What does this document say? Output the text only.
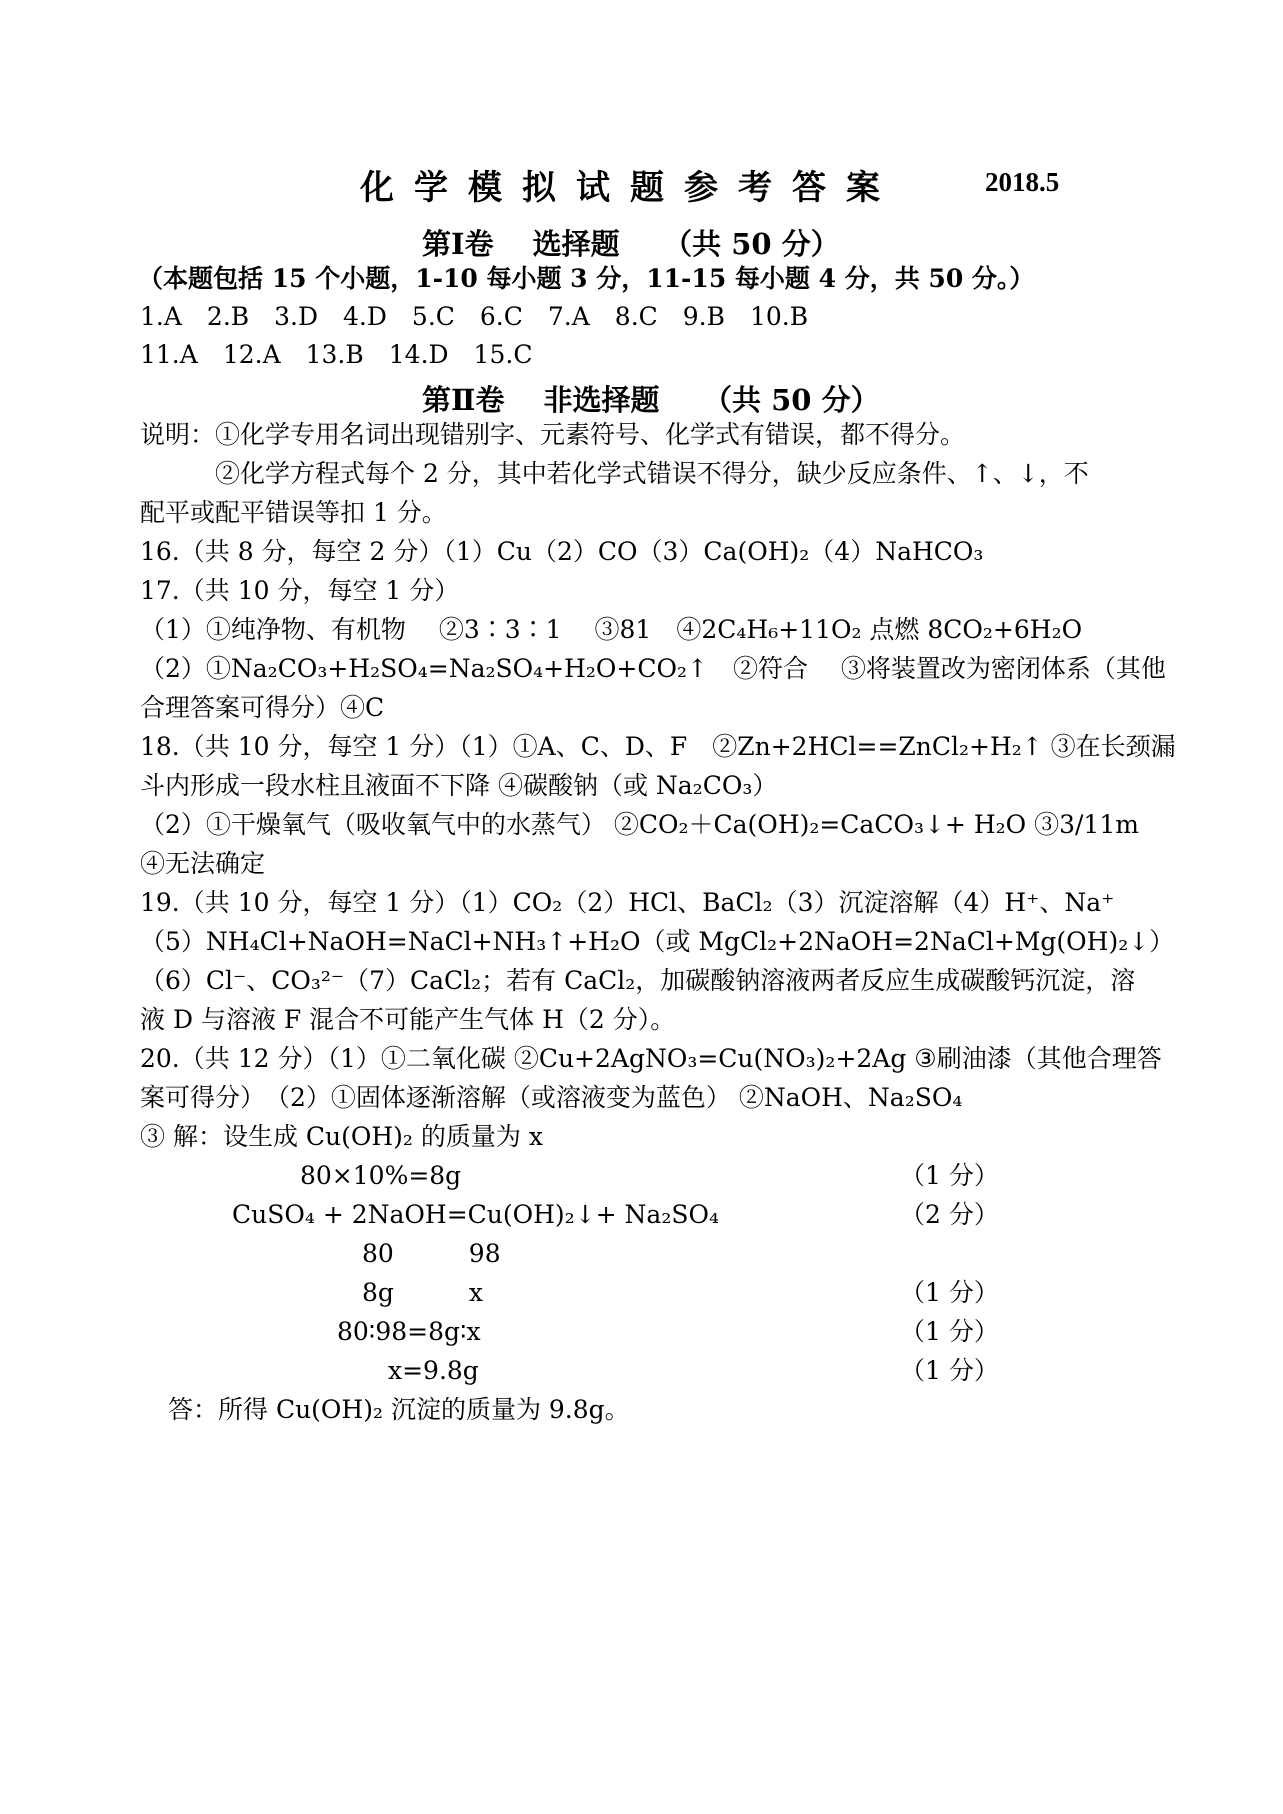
化学模拟试题参考答案	2018.5
第Ⅰ卷　 选择题　　（共 50 分）
（本题包括 15 个小题，1-10 每小题 3 分，11-15 每小题 4 分，共 50 分。）
1.A　2.B　3.D　4.D　5.C　6.C　7.A　8.C　9.B　10.B
11.A　12.A　13.B　14.D　15.C
第Ⅱ卷　 非选择题　　（共 50 分）
说明：①化学专用名词出现错别字、元素符号、化学式有错误，都不得分。
　　　②化学方程式每个 2 分，其中若化学式错误不得分，缺少反应条件、↑、↓，不
配平或配平错误等扣 1 分。
16.（共 8 分，每空 2 分）（1）Cu（2）CO（3）Ca(OH)₂（4）NaHCO₃
17.（共 10 分，每空 1 分）
（1）①纯净物、有机物　 ②3∶3∶1　 ③81　④2C₄H₆+11O₂ 点燃 8CO₂+6H₂O
（2）①Na₂CO₃+H₂SO₄=Na₂SO₄+H₂O+CO₂↑　②符合　 ③将装置改为密闭体系（其他
合理答案可得分）④C
18.（共 10 分，每空 1 分）（1）①A、C、D、F　②Zn+2HCl==ZnCl₂+H₂↑ ③在长颈漏
斗内形成一段水柱且液面不下降 ④碳酸钠（或 Na₂CO₃）
（2）①干燥氧气（吸收氧气中的水蒸气） ②CO₂＋Ca(OH)₂=CaCO₃↓+ H₂O ③3/11m
④无法确定
19.（共 10 分，每空 1 分）（1）CO₂（2）HCl、BaCl₂（3）沉淀溶解（4）H⁺、Na⁺
（5）NH₄Cl+NaOH=NaCl+NH₃↑+H₂O（或 MgCl₂+2NaOH=2NaCl+Mg(OH)₂↓）
（6）Cl⁻、CO₃²⁻（7）CaCl₂；若有 CaCl₂，加碳酸钠溶液两者反应生成碳酸钙沉淀，溶
液 D 与溶液 F 混合不可能产生气体 H（2 分）。
20.（共 12 分）（1）①二氧化碳 ②Cu+2AgNO₃=Cu(NO₃)₂+2Ag ③刷油漆（其他合理答
案可得分）　（2）①固体逐渐溶解（或溶液变为蓝色） ②NaOH、Na₂SO₄
③ 解：设生成 Cu(OH)₂ 的质量为 x
80×10%=8g	（1 分）
CuSO₄ + 2NaOH=Cu(OH)₂↓+ Na₂SO₄	（2 分）
80　　　98
8g　　　x	（1 分）
80∶98=8g∶x	（1 分）
x=9.8g	（1 分）
答：所得 Cu(OH)₂ 沉淀的质量为 9.8g。
